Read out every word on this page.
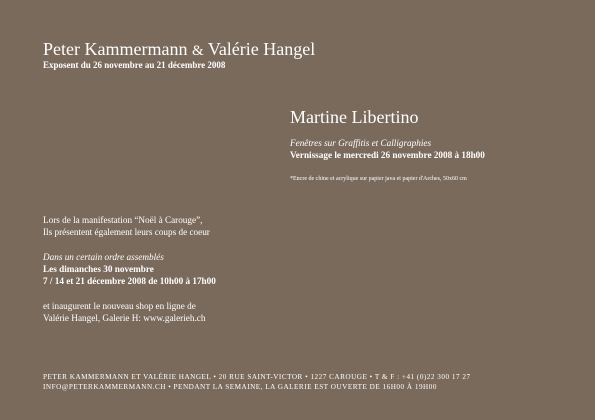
Peter Kammermann & Valérie Hangel
Exposent du 26 novembre au 21 décembre 2008
Martine Libertino
Fenêtres sur Graffitis et Calligraphies
Vernissage le mercredi 26 novembre 2008 à 18h00
*Encre de chine et acrylique sur papier java et papier d'Arches, 50x60 cm
Lors de la manifestation “Noël à Carouge”,
Ils présentent également leurs coups de coeur
Dans un certain ordre assemblés
Les dimanches 30 novembre
7 / 14 et 21 décembre 2008 de 10h00 à 17h00
et inaugurent le nouveau shop en ligne de
Valérie Hangel, Galerie H: www.galerieh.ch
PETER KAMMERMANN ET VALÉRIE HANGEL • 20 RUE SAINT-VICTOR • 1227 CAROUGE • T & F : +41 (0)22 300 17 27
INFO@PETERKAMMERMANN.CH • PENDANT LA SEMAINE, LA GALERIE EST OUVERTE DE 16H00 À 19H00
